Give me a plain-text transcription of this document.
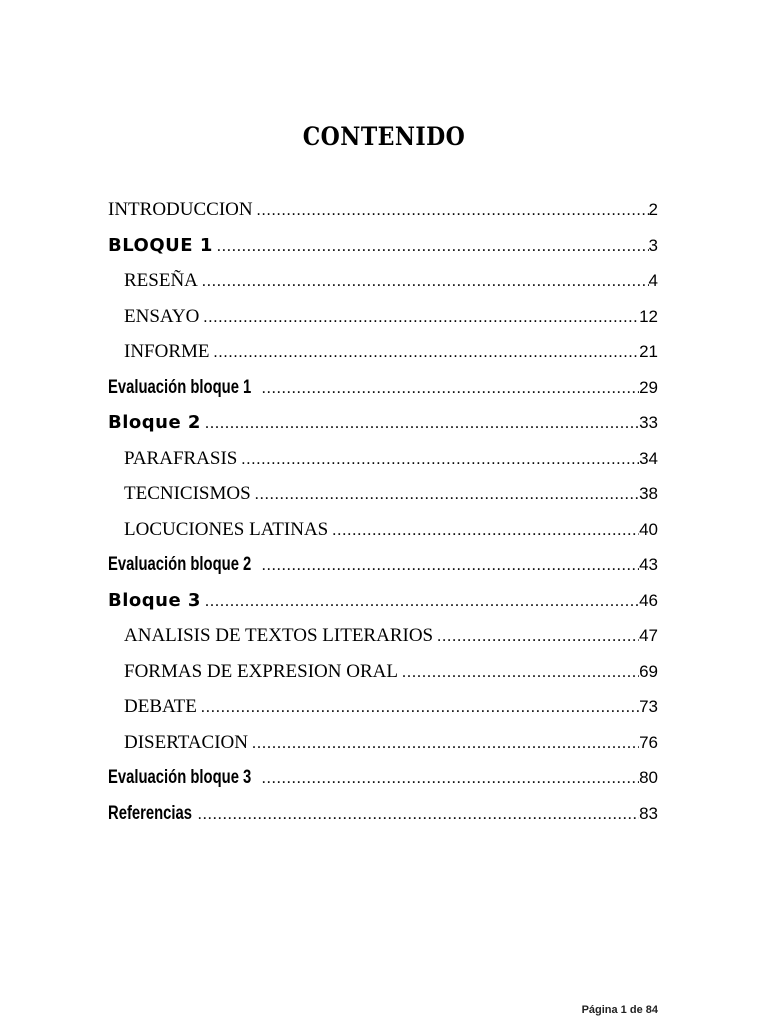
CONTENIDO
INTRODUCCION .....	2
BLOQUE 1 .....	3
RESEÑA .....	4
ENSAYO .....	12
INFORME .....	21
Evaluación bloque 1 .....	29
Bloque 2 .....	33
PARAFRASIS .....	34
TECNICISMOS .....	38
LOCUCIONES LATINAS .....	40
Evaluación bloque 2 .....	43
Bloque 3 .....	46
ANALISIS DE TEXTOS LITERARIOS .....	47
FORMAS DE EXPRESION ORAL .....	69
DEBATE .....	73
DISERTACION .....	76
Evaluación bloque 3 .....	80
Referencias .....	83
Página 1 de 84
